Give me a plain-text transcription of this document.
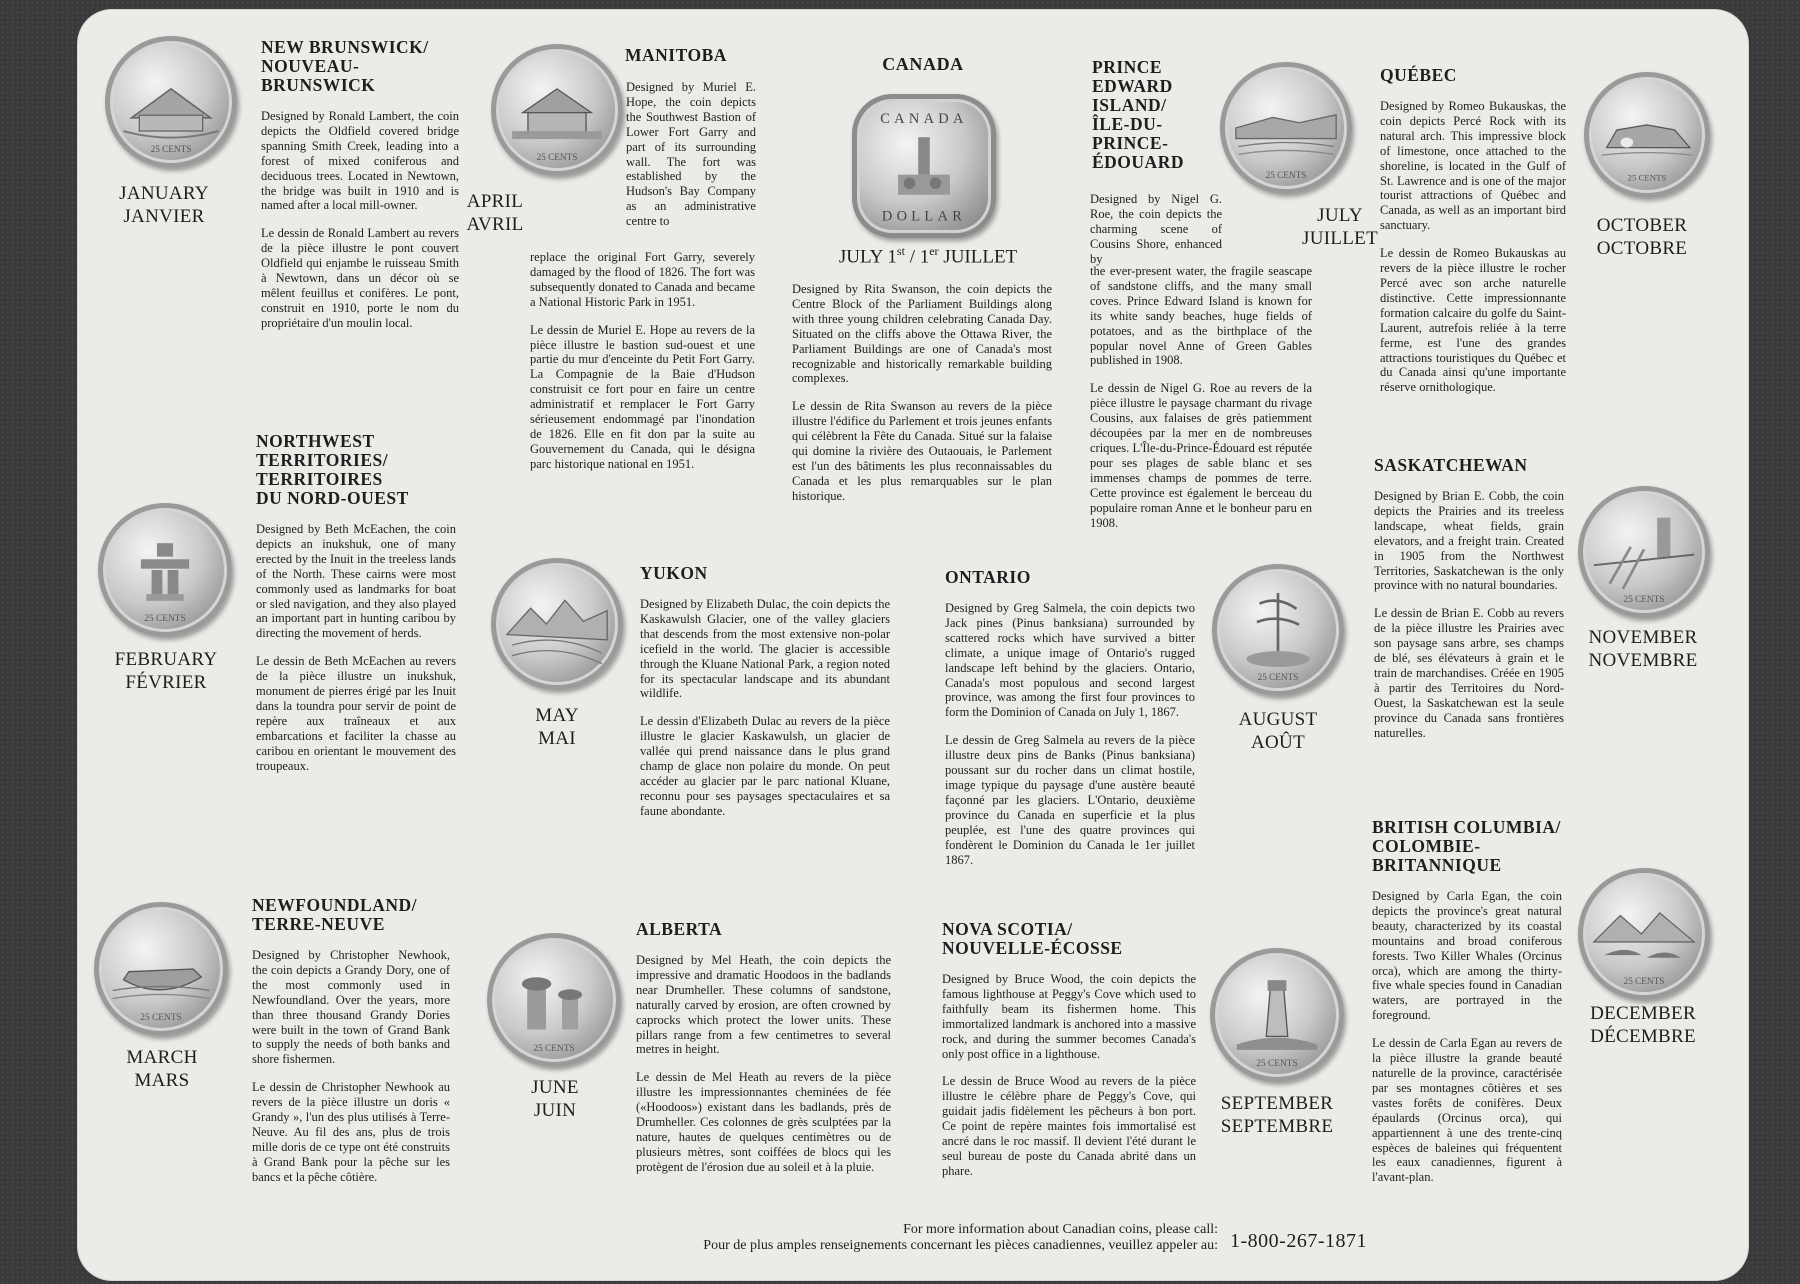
25 CENTS
25 CENTS
25 CENTS
25 CENTS
25 CENTS
CANADA
DOLLAR
25 CENTS
25 CENTS
25 CENTS	25 CENTS
25 CENTS
25 CENTS
JANUARY
JANVIER
FEBRUARY
FÉVRIER
MARCH
MARS
APRIL
AVRIL
MAY
MAI
JUNE
JUIN
JULY
JUILLET
AUGUST
AOÛT
SEPTEMBER
SEPTEMBRE
OCTOBER
OCTOBRE
NOVEMBER
NOVEMBRE
DECEMBER
DÉCEMBRE
NEW BRUNSWICK/
NOUVEAU-
BRUNSWICK

Designed by Ronald Lambert, the coin depicts the Oldfield covered bridge spanning Smith Creek, leading into a forest of mixed coniferous and deciduous trees. Located in Newtown, the bridge was built in 1910 and is named after a local mill-owner.

Le dessin de Ronald Lambert au revers de la pièce illustre le pont couvert Oldfield qui enjambe le ruisseau Smith à Newtown, dans un décor où se mêlent feuillus et conifères. Le pont, construit en 1910, porte le nom du propriétaire d'un moulin local.

NORTHWEST
TERRITORIES/
TERRITOIRES
DU NORD-OUEST

Designed by Beth McEachen, the coin depicts an inukshuk, one of many erected by the Inuit in the treeless lands of the North. These cairns were most commonly used as landmarks for boat or sled navigation, and they also played an important part in hunting caribou by directing the movement of herds.

Le dessin de Beth McEachen au revers de la pièce illustre un inukshuk, monument de pierres érigé par les Inuit dans la toundra pour servir de point de repère aux traîneaux et aux embarcations et faciliter la chasse au caribou en orientant le mouvement des troupeaux.

NEWFOUNDLAND/
TERRE-NEUVE

Designed by Christopher Newhook, the coin depicts a Grandy Dory, one of the most commonly used in Newfoundland. Over the years, more than three thousand Grandy Dories were built in the town of Grand Bank to supply the needs of both banks and shore fishermen.

Le dessin de Christopher Newhook au revers de la pièce illustre un doris « Grandy », l'un des plus utilisés à Terre-Neuve. Au fil des ans, plus de trois mille doris de ce type ont été construits à Grand Bank pour la pêche sur les bancs et la pêche côtière.

MANITOBA

Designed by Muriel E. Hope, the coin depicts the Southwest Bastion of Lower Fort Garry and part of its surrounding wall. The fort was established by the Hudson's Bay Company as an administrative centre to

replace the original Fort Garry, severely damaged by the flood of 1826. The fort was subsequently donated to Canada and became a National Historic Park in 1951.

Le dessin de Muriel E. Hope au revers de la pièce illustre le bastion sud-ouest et une partie du mur d'enceinte du Petit Fort Garry. La Compagnie de la Baie d'Hudson construisit ce fort pour en faire un centre administratif et remplacer le Fort Garry sérieusement endommagé par l'inondation de 1826. Elle en fit don par la suite au Gouvernement du Canada, qui le désigna parc historique national en 1951.

CANADA
JULY 1st / 1er JUILLET

Designed by Rita Swanson, the coin depicts the Centre Block of the Parliament Buildings along with three young children celebrating Canada Day. Situated on the cliffs above the Ottawa River, the Parliament Buildings are one of Canada's most recognizable and historically remarkable building complexes.

Le dessin de Rita Swanson au revers de la pièce illustre l'édifice du Parlement et trois jeunes enfants qui célèbrent la Fête du Canada. Situé sur la falaise qui domine la rivière des Outaouais, le Parlement est l'un des bâtiments les plus reconnaissables du Canada et les plus remarquables sur le plan historique.

PRINCE
EDWARD
ISLAND/
ÎLE-DU-
PRINCE-
ÉDOUARD

Designed by Nigel G. Roe, the coin depicts the charming scene of Cousins Shore, enhanced by

the ever-present water, the fragile seascape of sandstone cliffs, and the many small coves. Prince Edward Island is known for its white sandy beaches, huge fields of potatoes, and as the birthplace of the popular novel Anne of Green Gables published in 1908.

Le dessin de Nigel G. Roe au revers de la pièce illustre le paysage charmant du rivage Cousins, aux falaises de grès patiemment découpées par la mer en de nombreuses criques. L'Île-du-Prince-Édouard est réputée pour ses plages de sable blanc et ses immenses champs de pommes de terre. Cette province est également le berceau du populaire roman Anne et le bonheur paru en 1908.

YUKON

Designed by Elizabeth Dulac, the coin depicts the Kaskawulsh Glacier, one of the valley glaciers that descends from the most extensive non-polar icefield in the world. The glacier is accessible through the Kluane National Park, a region noted for its spectacular landscape and its abundant wildlife.

Le dessin d'Elizabeth Dulac au revers de la pièce illustre le glacier Kaskawulsh, un glacier de vallée qui prend naissance dans le plus grand champ de glace non polaire du monde. On peut accéder au glacier par le parc national Kluane, reconnu pour ses paysages spectaculaires et sa faune abondante.

ONTARIO

Designed by Greg Salmela, the coin depicts two Jack pines (Pinus banksiana) surrounded by scattered rocks which have survived a bitter climate, a unique image of Ontario's rugged landscape left behind by the glaciers. Ontario, Canada's most populous and second largest province, was among the first four provinces to form the Dominion of Canada on July 1, 1867.

Le dessin de Greg Salmela au revers de la pièce illustre deux pins de Banks (Pinus banksiana) poussant sur du rocher dans un climat hostile, image typique du paysage d'une austère beauté façonné par les glaciers. L'Ontario, deuxième province du Canada en superficie et la plus peuplée, est l'une des quatre provinces qui fondèrent le Dominion du Canada le 1er juillet 1867.

ALBERTA

Designed by Mel Heath, the coin depicts the impressive and dramatic Hoodoos in the badlands near Drumheller. These columns of sandstone, naturally carved by erosion, are often crowned by caprocks which protect the lower units. These pillars range from a few centimetres to several metres in height.

Le dessin de Mel Heath au revers de la pièce illustre les impressionnantes cheminées de fée («Hoodoos») existant dans les badlands, près de Drumheller. Ces colonnes de grès sculptées par la nature, hautes de quelques centimètres ou de plusieurs mètres, sont coiffées de blocs qui les protègent de l'érosion due au soleil et à la pluie.

NOVA SCOTIA/
NOUVELLE-ÉCOSSE

Designed by Bruce Wood, the coin depicts the famous lighthouse at Peggy's Cove which used to faithfully beam its fishermen home. This immortalized landmark is anchored into a massive rock, and during the summer becomes Canada's only post office in a lighthouse.

Le dessin de Bruce Wood au revers de la pièce illustre le célèbre phare de Peggy's Cove, qui guidait jadis fidèlement les pêcheurs à bon port. Ce point de repère maintes fois immortalisé est ancré dans le roc massif. Il devient l'été durant le seul bureau de poste du Canada abrité dans un phare.

QUÉBEC

Designed by Romeo Bukauskas, the coin depicts Percé Rock with its natural arch. This impressive block of limestone, once attached to the shoreline, is located in the Gulf of St. Lawrence and is one of the major tourist attractions of Québec and Canada, as well as an important bird sanctuary.

Le dessin de Romeo Bukauskas au revers de la pièce illustre le rocher Percé avec son arche naturelle distinctive. Cette impressionnante formation calcaire du golfe du Saint-Laurent, autrefois reliée à la terre ferme, est l'une des grandes attractions touristiques du Québec et du Canada ainsi qu'une importante réserve ornithologique.

SASKATCHEWAN

Designed by Brian E. Cobb, the coin depicts the Prairies and its treeless landscape, wheat fields, grain elevators, and a freight train. Created in 1905 from the Northwest Territories, Saskatchewan is the only province with no natural boundaries.

Le dessin de Brian E. Cobb au revers de la pièce illustre les Prairies avec son paysage sans arbre, ses champs de blé, ses élévateurs à grain et le train de marchandises. Créée en 1905 à partir des Territoires du Nord-Ouest, la Saskatchewan est la seule province du Canada sans frontières naturelles.

BRITISH COLUMBIA/
COLOMBIE-
BRITANNIQUE

Designed by Carla Egan, the coin depicts the province's great natural beauty, characterized by its coastal mountains and broad coniferous forests. Two Killer Whales (Orcinus orca), which are among the thirty-five whale species found in Canadian waters, are portrayed in the foreground.

Le dessin de Carla Egan au revers de la pièce illustre la grande beauté naturelle de la province, caractérisée par ses montagnes côtières et ses vastes forêts de conifères. Deux épaulards (Orcinus orca), qui appartiennent à une des trente-cinq espèces de baleines qui fréquentent les eaux canadiennes, figurent à l'avant-plan.

For more information about Canadian coins, please call:
Pour de plus amples renseignements concernant les pièces canadiennes, veuillez appeler au: 1-800-267-1871
